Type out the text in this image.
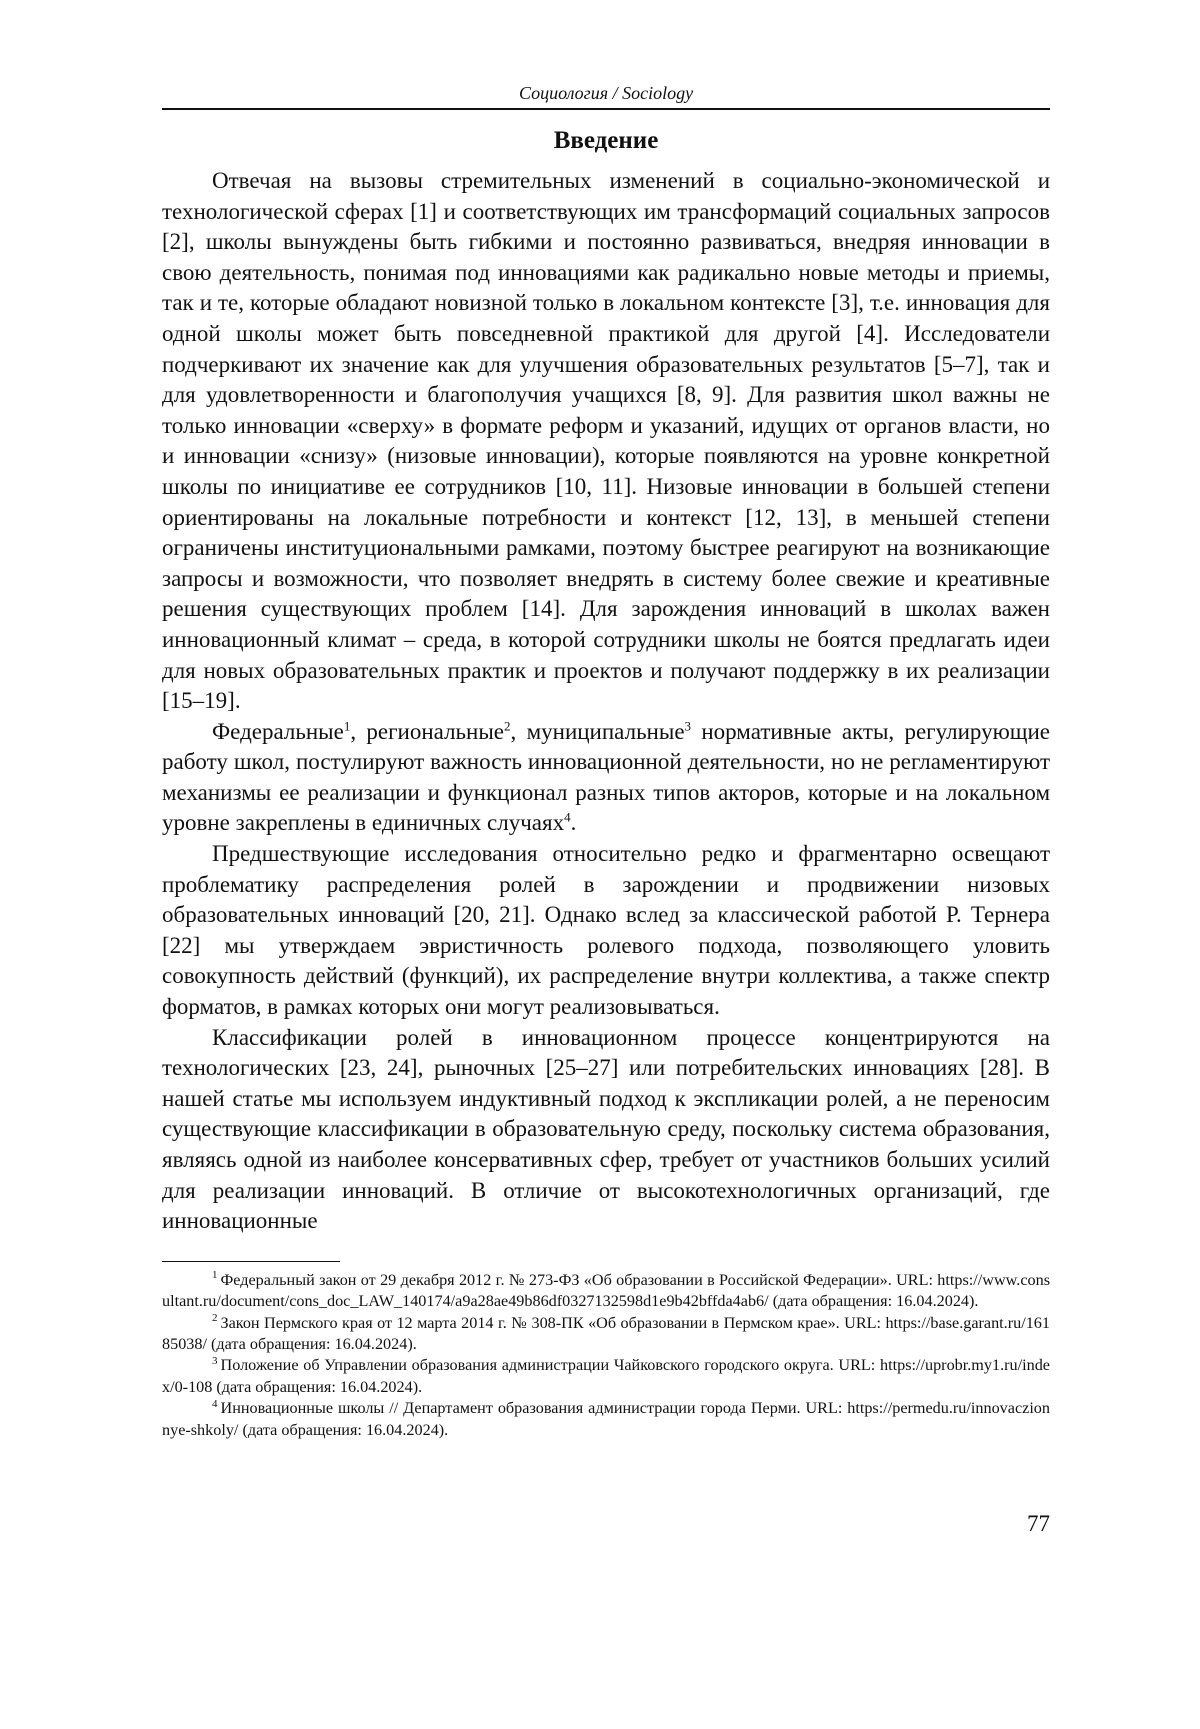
Социология / Sociology
Введение

Отвечая на вызовы стремительных изменений в социально-экономической и технологической сферах [1] и соответствующих им трансформаций социальных запросов [2], школы вынуждены быть гибкими и постоянно развиваться, внедряя инновации в свою деятельность, понимая под инновациями как радикально новые методы и приемы, так и те, которые обладают новизной только в локальном контексте [3], т.е. инновация для одной школы может быть повседневной практикой для другой [4]. Исследователи подчеркивают их значение как для улучшения образовательных результатов [5–7], так и для удовлетворенности и благополучия учащихся [8, 9]. Для развития школ важны не только инновации «сверху» в формате реформ и указаний, идущих от органов власти, но и инновации «снизу» (низовые инновации), которые появляются на уровне конкретной школы по инициативе ее сотрудников [10, 11]. Низовые инновации в большей степени ориентированы на локальные потребности и контекст [12, 13], в меньшей степени ограничены институциональными рамками, поэтому быстрее реагируют на возникающие запросы и возможности, что позволяет внедрять в систему более свежие и креативные решения существующих проблем [14]. Для зарождения инноваций в школах важен инновационный климат – среда, в которой сотрудники школы не боятся предлагать идеи для новых образовательных практик и проектов и получают поддержку в их реализации [15–19].

Федеральные$^1$, региональные$^2$, муниципальные$^3$ нормативные акты, регулирующие работу школ, постулируют важность инновационной деятельности, но не регламентируют механизмы ее реализации и функционал разных типов акторов, которые и на локальном уровне закреплены в единичных случаях$^4$.

Предшествующие исследования относительно редко и фрагментарно освещают проблематику распределения ролей в зарождении и продвижении низовых образовательных инноваций [20, 21]. Однако вслед за классической работой Р. Тернера [22] мы утверждаем эвристичность ролевого подхода, позволяющего уловить совокупность действий (функций), их распределение внутри коллектива, а также спектр форматов, в рамках которых они могут реализовываться.

Классификации ролей в инновационном процессе концентрируются на технологических [23, 24], рыночных [25–27] или потребительских инновациях [28]. В нашей статье мы используем индуктивный подход к экспликации ролей, а не переносим существующие классификации в образовательную среду, поскольку система образования, являясь одной из наиболее консервативных сфер, требует от участников больших усилий для реализации инноваций. В отличие от высокотехнологичных организаций, где инновационные

$^1$ Федеральный закон от 29 декабря 2012 г. № 273-ФЗ «Об образовании в Российской Федерации». URL: https://www.consultant.ru/document/cons_doc_LAW_140174/a9a28ae49b86df0327132598d1e9b42bffda4ab6/ (дата обращения: 16.04.2024).

$^2$ Закон Пермского края от 12 марта 2014 г. № 308-ПК «Об образовании в Пермском крае». URL: https://base.garant.ru/16185038/ (дата обращения: 16.04.2024).

$^3$ Положение об Управлении образования администрации Чайковского городского округа. URL: https://uprobr.my1.ru/index/0-108 (дата обращения: 16.04.2024).

$^4$ Инновационные школы // Департамент образования администрации города Перми. URL: https://permedu.ru/innovaczionnye-shkoly/ (дата обращения: 16.04.2024).

77
